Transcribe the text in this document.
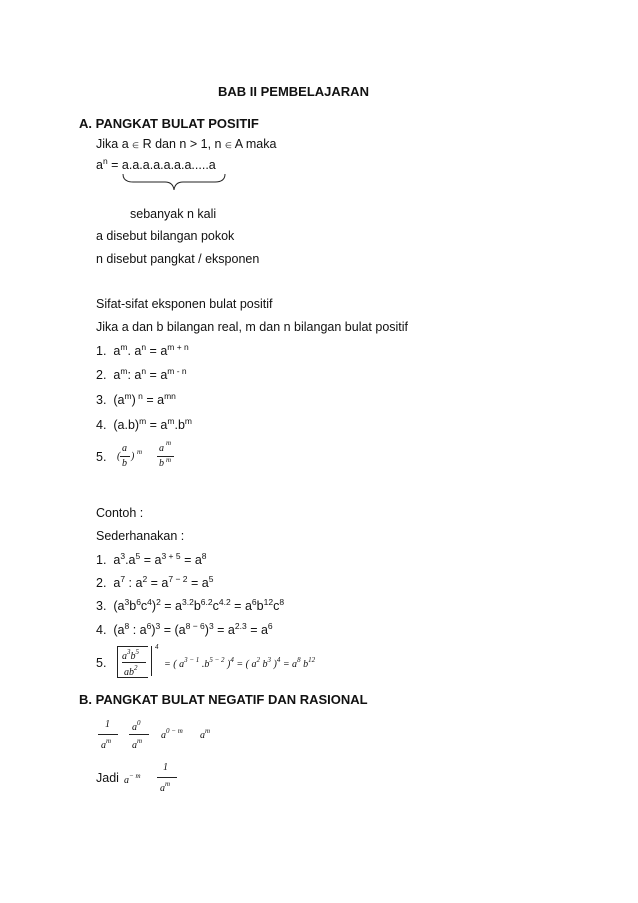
BAB II PEMBELAJARAN
A. PANGKAT BULAT POSITIF
Jika a ∈ R dan n > 1, n ∈ A maka
$a^n = a.a.a.a.a.a.a.....a$
sebanyak n kali
a disebut bilangan pokok
n disebut pangkat / eksponen
Sifat-sifat eksponen bulat positif
Jika a dan b bilangan real, m dan n bilangan bulat positif
1. $a^m$. $a^n = a^{m + n}$
2. $a^m$: $a^n = a^{m - n}$
3. $(a^m) ^n = a^{mn}$
4. $(a.b)^m = a^m.b^m$
5. (
a
b
) m a m
b m
Contoh :
Sederhanakan :
1.  $a^3.a^5 = a^{3 + 5} = a^8$
2.  $a^7$ : $a^2 = a^{7 - 2} = a^5$
3.  $(a^3b^6c^4)^2 = a^{3.2}b^{6.2}c^{4.2} = a^6b^{12}c^8$
4.  ($a^8$ : $a^6)^3 = (a^{8 - 6})^3 = a^{2.3} = a^6$
5. $a^3b^5$
$ab^2$
4
= ( $a^{3 - 1}$ $.b^{5 - 2}$ )$^4$ = ( $a^2$ $b^3$ )$^4 = a^8$ $b^{12}$
B. PANGKAT BULAT NEGATIF DAN RASIONAL
1
$a^m$
$a^0$
$a^m$ $a^{0 - m}$ $a^m$
Jadi $a^{- m}$
1
$a^m$
